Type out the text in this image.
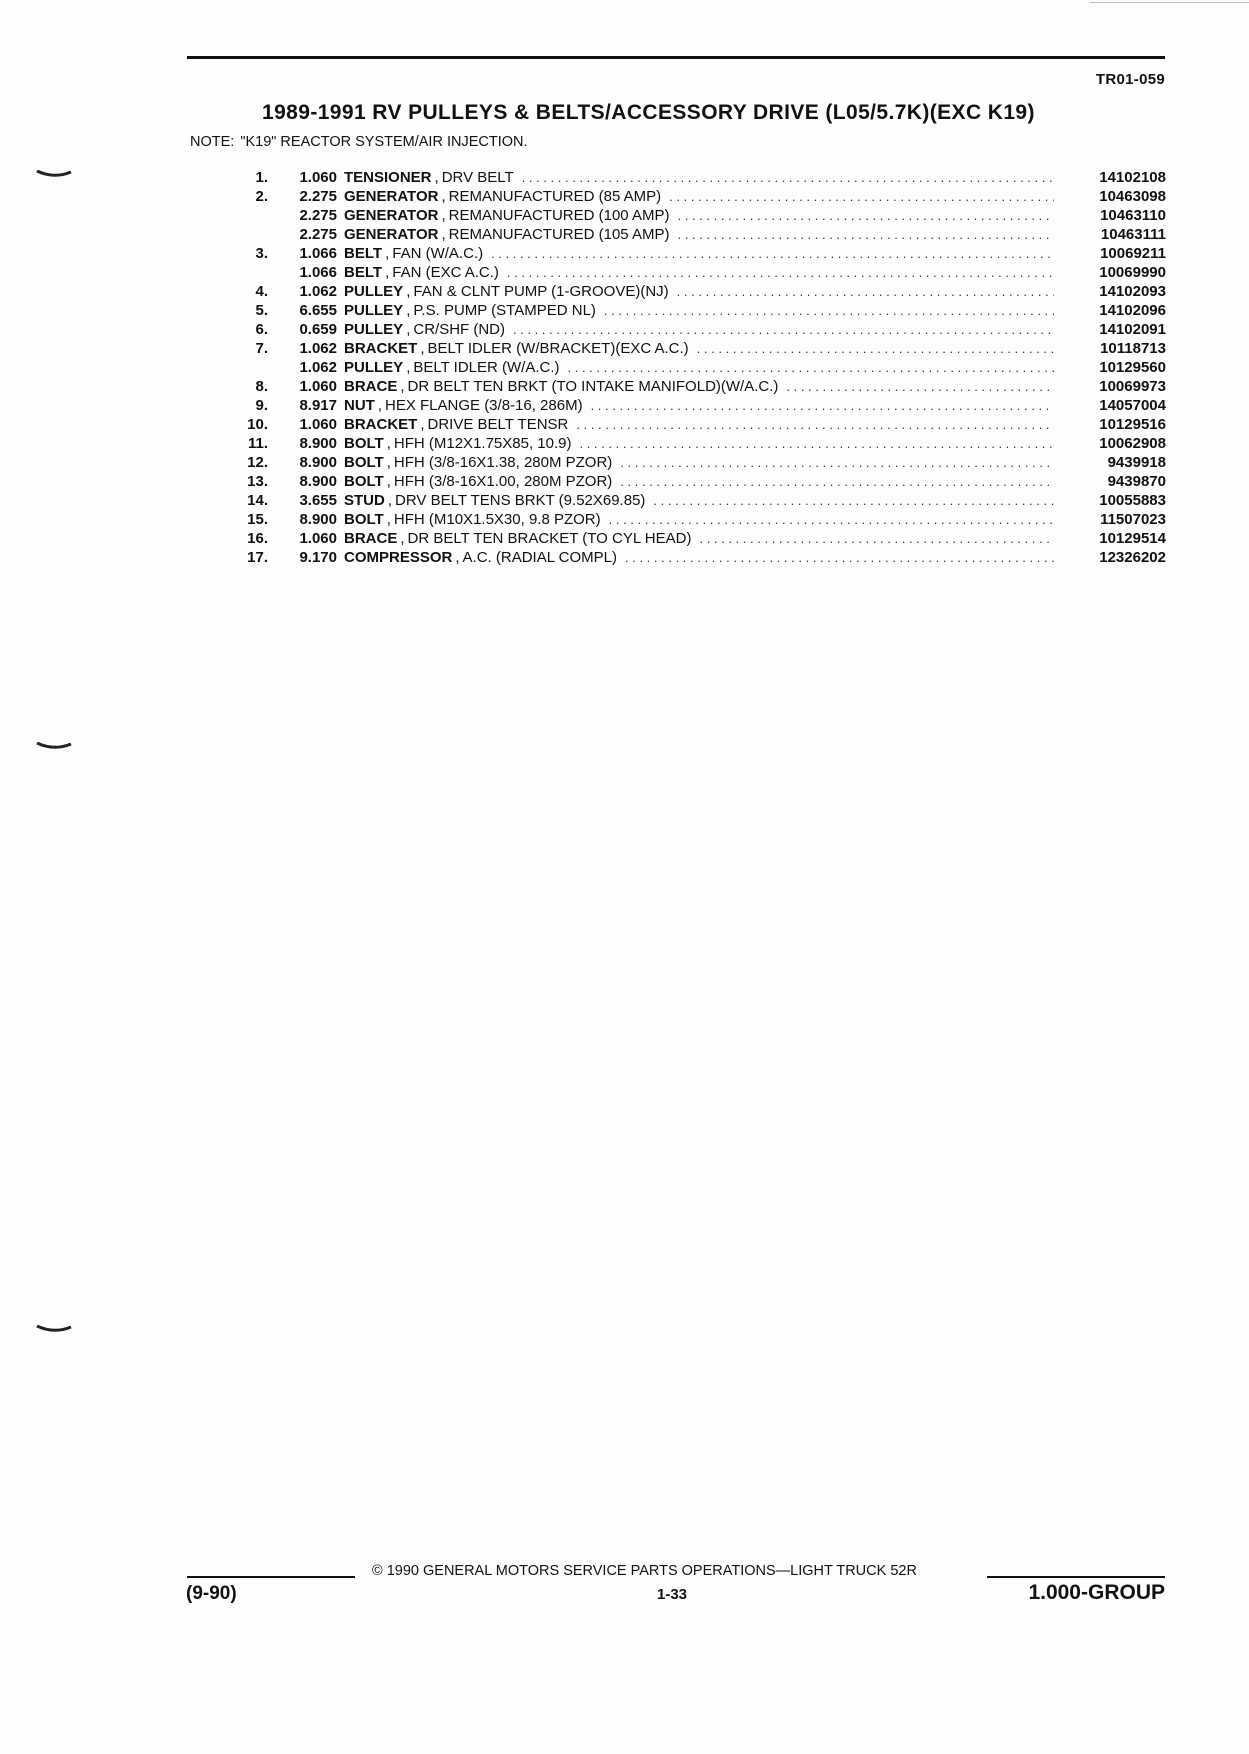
TR01-059
1989-1991 RV PULLEYS & BELTS/ACCESSORY DRIVE (L05/5.7K)(EXC K19)
NOTE: "K19" REACTOR SYSTEM/AIR INJECTION.
1.	1.060 TENSIONER , DRV BELT . . .	14102108
2.	2.275 GENERATOR , REMANUFACTURED (85 AMP) . . .	10463098
2.275 GENERATOR , REMANUFACTURED (100 AMP) . . .	10463110
2.275 GENERATOR , REMANUFACTURED (105 AMP) . . .	10463111
3.	1.066 BELT , FAN (W/A.C.) . . .	10069211
1.066 BELT , FAN (EXC A.C.) . . .	10069990
4.	1.062 PULLEY , FAN & CLNT PUMP (1-GROOVE)(NJ) . . .	14102093
5.	6.655 PULLEY , P.S. PUMP (STAMPED NL) . . .	14102096
6.	0.659 PULLEY , CR/SHF (ND) . . .	14102091
7.	1.062 BRACKET , BELT IDLER (W/BRACKET)(EXC A.C.) . . .	10118713
1.062 PULLEY , BELT IDLER (W/A.C.) . . .	10129560
8.	1.060 BRACE , DR BELT TEN BRKT (TO INTAKE MANIFOLD)(W/A.C.) . . .	10069973
9.	8.917 NUT , HEX FLANGE (3/8-16, 286M) . . .	14057004
10.	1.060 BRACKET , DRIVE BELT TENSR . . .	10129516
11.	8.900 BOLT , HFH (M12X1.75X85, 10.9) . . .	10062908
12.	8.900 BOLT , HFH (3/8-16X1.38, 280M PZOR) . . .	9439918
13.	8.900 BOLT , HFH (3/8-16X1.00, 280M PZOR) . . .	9439870
14.	3.655 STUD , DRV BELT TENS BRKT (9.52X69.85) . . .	10055883
15.	8.900 BOLT , HFH (M10X1.5X30, 9.8 PZOR) . . .	11507023
16.	1.060 BRACE , DR BELT TEN BRACKET (TO CYL HEAD) . . .	10129514
17.	9.170 COMPRESSOR , A.C. (RADIAL COMPL) . . .	12326202
© 1990 GENERAL MOTORS SERVICE PARTS OPERATIONS—LIGHT TRUCK 52R
(9-90)	1-33	1.000-GROUP
